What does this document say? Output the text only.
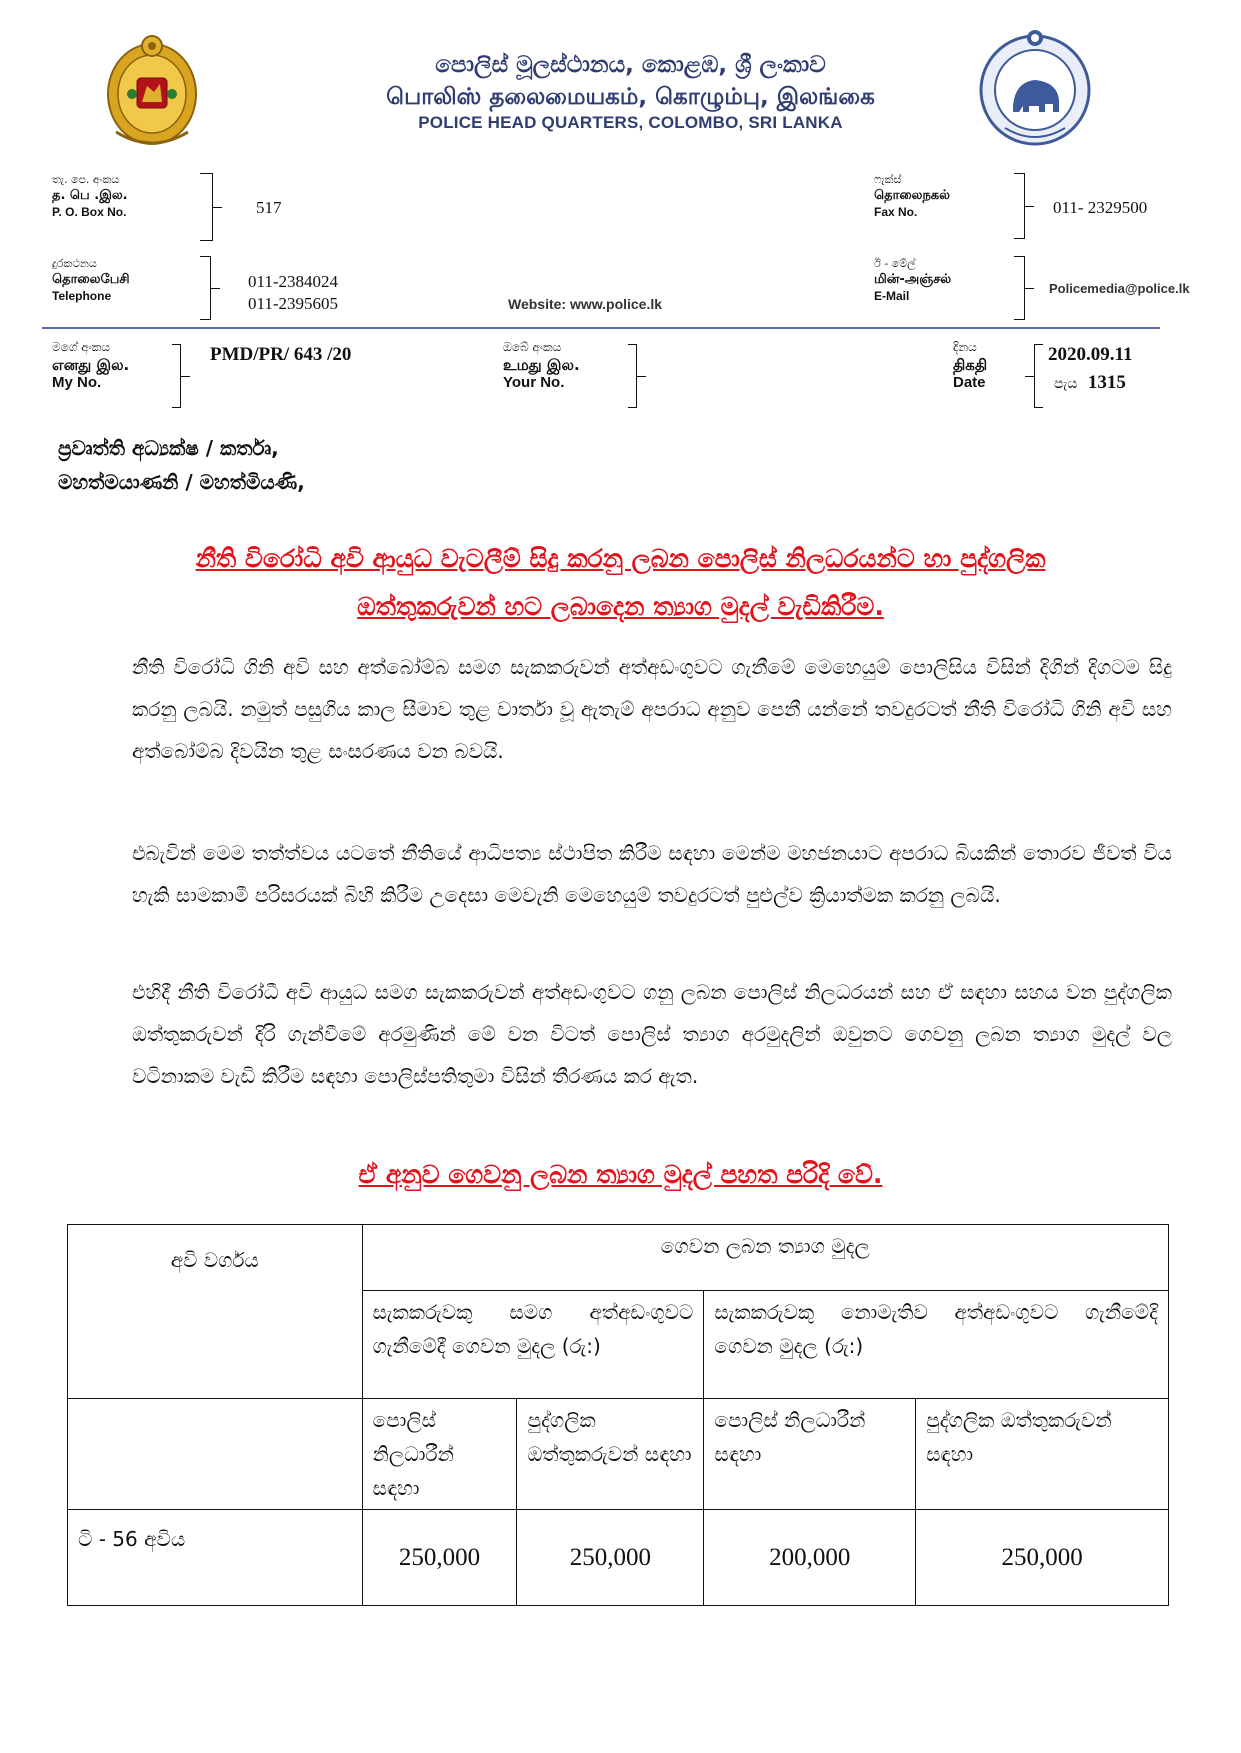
පොලිස් මූලස්ථානය, කොළඹ, ශ්‍රී ලංකාව
பொலிஸ் தலைமையகம், கொழும்பு, இலங்கை
POLICE HEAD QUARTERS, COLOMBO, SRI LANKA
තැ. පෙ. අංකය
த. பெ .இல.
P. O. Box No.	517
ෆැක්ස්
தொலைநகல்
Fax No.	011- 2329500
දුරකථනය
தொலைபேசி
Telephone
011-2384024
011-2395605	Website: www.police.lk
ඊ - මේල්
மின்-அஞ்சல்
E-Mail	Policemedia@police.lk
මගේ අංකය
எனது இல.
My No.
PMD/PR/ 643 /20	ඔබේ අංකය
உமது இல.
Your No.
දිනය
திகதி
Date
2020.09.11
පැය 1315
ප්‍රවෘත්ති අධ්‍යක්ෂ / කර්තෘ,
මහත්මයාණනි / මහත්මියණි,
නීති විරෝධි අවි ආයුධ වැටලීම් සිදු කරනු ලබන පොලිස් නිලධරයන්ට හා පුද්ගලික
ඔත්තුකරුවන් හට ලබාදෙන ත්‍යාග මුදල් වැඩිකිරීම.
නීති විරෝධි ගිනි අවි සහ අත්බෝම්බ සමග සැකකරුවන් අත්අඩංගුවට ගැනීමේ මෙහෙයුම් පොලිසිය විසින් දිගින් දිගටම සිදු කරනු ලබයි. නමුත් පසුගිය කාල සීමාව තුළ වාර්තා වූ ඇතැම් අපරාධ අනුව පෙනී යන්නේ තවදුරටත් නීති විරෝධි ගිනි අවි සහ අත්බෝම්බ දිවයින තුළ සංසරණය වන බවයි.
එබැවින් මෙම තත්ත්වය යටතේ නීතියේ ආධිපත්‍ය ස්ථාපිත කිරීම සඳහා මෙන්ම මහජනයාට අපරාධ බියකින් තොරව ජීවත් විය හැකි සාමකාමී පරිසරයක් බිහි කිරීම උදෙසා මෙවැනි මෙහෙයුම් තවදුරටත් පුළුල්ව ක්‍රියාත්මක කරනු ලබයි.
එහිදී නීති විරෝධී අවි ආයුධ සමග සැකකරුවන් අත්අඩංගුවට ගනු ලබන පොලිස් නිලධරයන් සහ ඒ සඳහා සහය වන පුද්ගලික ඔත්තුකරුවන් දිරි ගැන්වීමේ අරමුණින් මේ වන විටත් පොලිස් ත්‍යාග අරමුදලින් ඔවුනට ගෙවනු ලබන ත්‍යාග මුදල් වල වටිනාකම වැඩි කිරීම සඳහා පොලිස්පතිතුමා විසින් තීරණය කර ඇත.
ඒ අනුව ගෙවනු ලබන ත්‍යාග මුදල් පහත පරිදි වේ.
අවි වර්ගය	ගෙවන ලබන ත්‍යාග මුදල			
	සැකකරුවකු සමග අත්අඩංගුවට ගැනීමේදී ගෙවන මුදල (රු:)		සැකකරුවකු නොමැතිව අත්අඩංගුවට ගැනීමේදි ගෙවන මුදල (රු:)	
	පොලිස් නිලධාරීන් සඳහා	පුද්ගලික ඔත්තුකරුවන් සඳහා	පොලිස් නිලධාරීන් සඳහා	පුද්ගලික ඔත්තුකරුවන් සඳහා
ටි - 56 අවිය	250,000	250,000	200,000	250,000
